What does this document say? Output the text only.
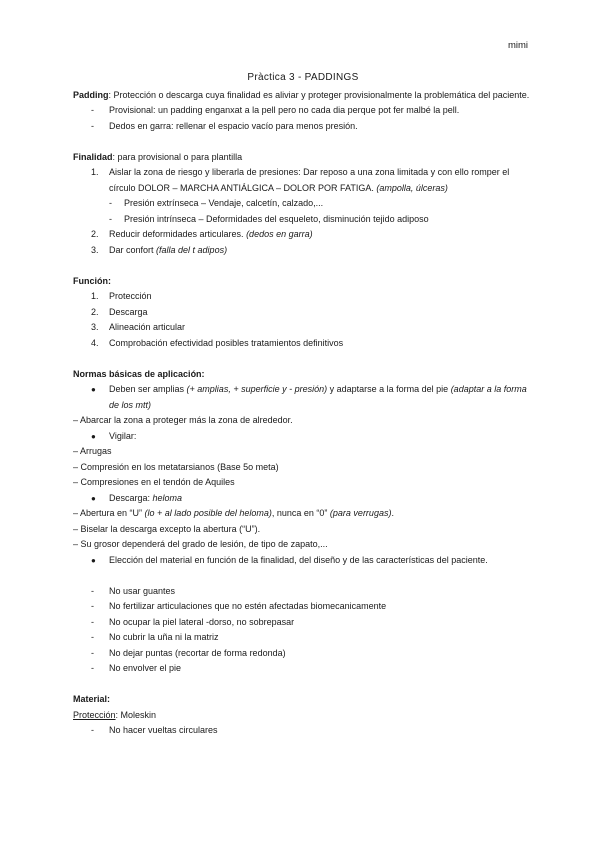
mimi
Pràctica 3 - PADDINGS
Padding: Protección o descarga cuya finalidad es aliviar y proteger provisionalmente la problemática del paciente.
-	Provisional: un padding enganxat a la pell pero no cada dia perque pot fer malbé la pell.
-	Dedos en garra: rellenar el espacio vacío para menos presión.
Finalidad: para provisional o para plantilla
1.	Aislar la zona de riesgo y liberarla de presiones: Dar reposo a una zona limitada y con ello romper el círculo DOLOR – MARCHA ANTIÁLGICA – DOLOR POR FATIGA. (ampolla, úlceras)
-	Presión extrínseca – Vendaje, calcetín, calzado,...
-	Presión intrínseca – Deformidades del esqueleto, disminución tejido adiposo
2.	Reducir deformidades articulares. (dedos en garra)
3.	Dar confort (falla del t adipos)
Función:
1.	Protección
2.	Descarga
3.	Alineación articular
4.	Comprobación efectividad posibles tratamientos definitivos
Normas básicas de aplicación:
●	Deben ser amplias (+ amplias, + superficie y - presión) y adaptarse a la forma del pie (adaptar a la forma de los mtt)
– Abarcar la zona a proteger más la zona de alrededor.
●	Vigilar:
– Arrugas
– Compresión en los metatarsianos (Base 5o meta)
– Compresiones en el tendón de Aquiles
●	Descarga: heloma
– Abertura en “U” (lo + al lado posible del heloma), nunca en “0” (para verrugas).
– Biselar la descarga excepto la abertura (“U”).
– Su grosor dependerá del grado de lesión, de tipo de zapato,...
●	Elección del material en función de la finalidad, del diseño y de las características del paciente.
-	No usar guantes
-	No fertilizar articulaciones que no estén afectadas biomecanicamente
-	No ocupar la piel lateral -dorso, no sobrepasar
-	No cubrir la uña ni la matriz
-	No dejar puntas (recortar de forma redonda)
-	No envolver el pie
Material:
Protección: Moleskin
-	No hacer vueltas circulares
